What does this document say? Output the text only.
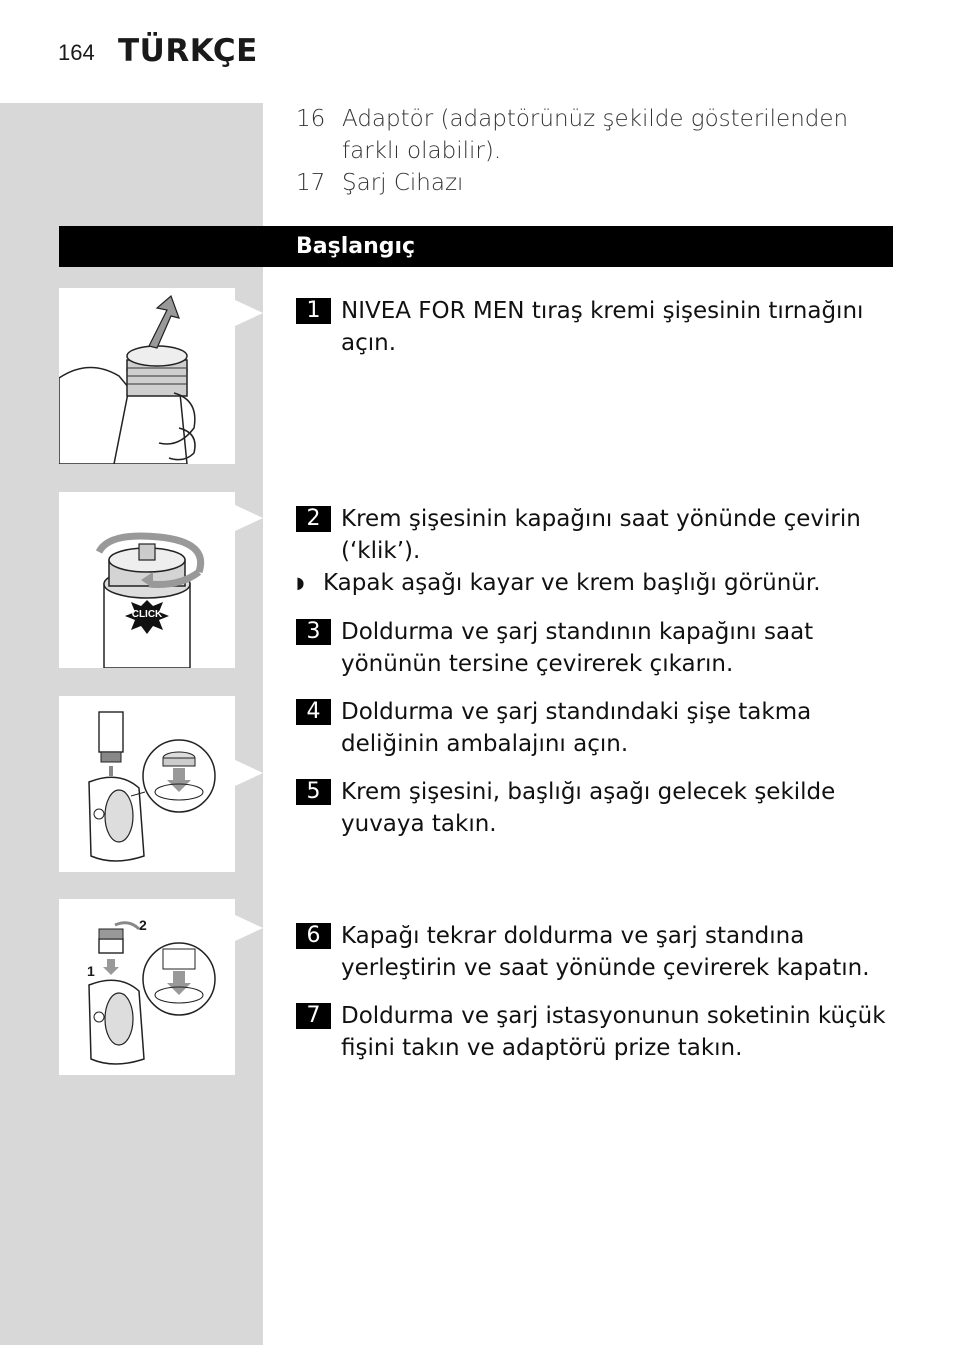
164 TÜRKÇE
16 Adaptör (adaptörünüz şekilde gösterilenden farklı olabilir).
17 Şarj Cihazı
Başlangıç
CLICK
2
1
1 NIVEA FOR MEN tıraş kremi şişesinin tırnağını açın.
2 Krem şişesinin kapağını saat yönünde çevirin (‘klik’).
◗ Kapak aşağı kayar ve krem başlığı görünür.
3 Doldurma ve şarj standının kapağını saat yönünün tersine çevirerek çıkarın.
4 Doldurma ve şarj standındaki şişe takma deliğinin ambalajını açın.
5 Krem şişesini, başlığı aşağı gelecek şekilde yuvaya takın.
6 Kapağı tekrar doldurma ve şarj standına yerleştirin ve saat yönünde çevirerek kapatın.
7 Doldurma ve şarj istasyonunun soketinin küçük fişini takın ve adaptörü prize takın.
